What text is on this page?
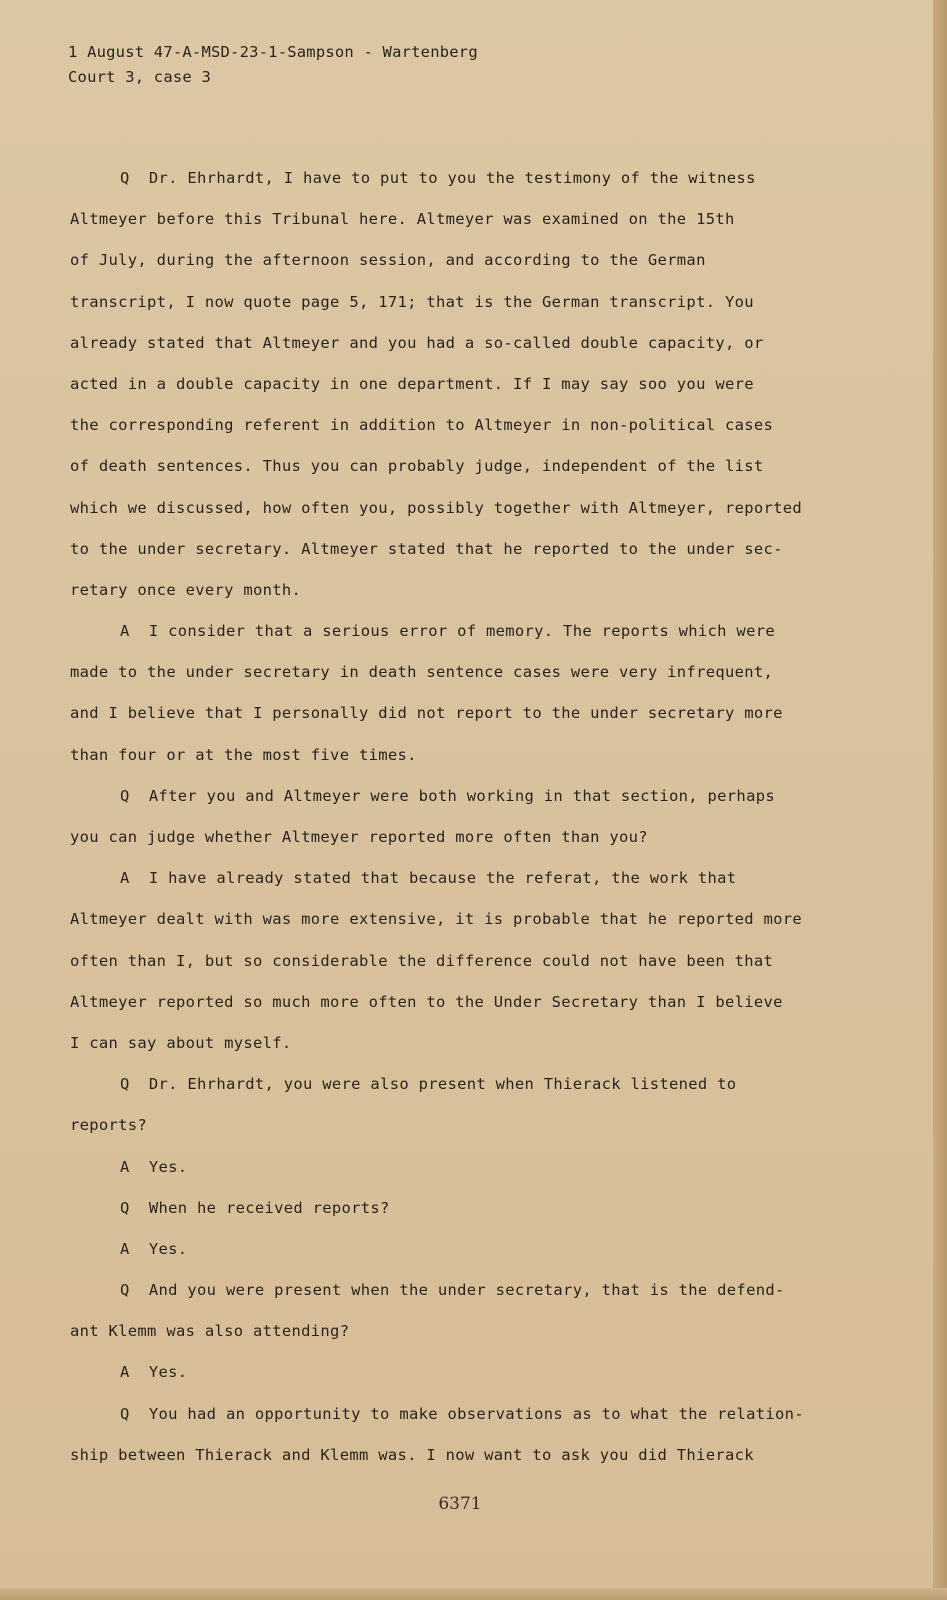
1 August 47-A-MSD-23-1-Sampson - Wartenberg
Court 3, case 3
Q  Dr. Ehrhardt, I have to put to you the testimony of the witness
Altmeyer before this Tribunal here. Altmeyer was examined on the 15th
of July, during the afternoon session, and according to the German
transcript, I now quote page 5, 171; that is the German transcript. You
already stated that Altmeyer and you had a so-called double capacity, or
acted in a double capacity in one department. If I may say soo you were
the corresponding referent in addition to Altmeyer in non-political cases
of death sentences. Thus you can probably judge, independent of the list
which we discussed, how often you, possibly together with Altmeyer, reported
to the under secretary. Altmeyer stated that he reported to the under sec-
retary once every month.
A  I consider that a serious error of memory. The reports which were
made to the under secretary in death sentence cases were very infrequent,
and I believe that I personally did not report to the under secretary more
than four or at the most five times.
Q  After you and Altmeyer were both working in that section, perhaps
you can judge whether Altmeyer reported more often than you?
A  I have already stated that because the referat, the work that
Altmeyer dealt with was more extensive, it is probable that he reported more
often than I, but so considerable the difference could not have been that
Altmeyer reported so much more often to the Under Secretary than I believe
I can say about myself.
Q  Dr. Ehrhardt, you were also present when Thierack listened to
reports?
A  Yes.
Q  When he received reports?
A  Yes.
Q  And you were present when the under secretary, that is the defend-
ant Klemm was also attending?
A  Yes.
Q  You had an opportunity to make observations as to what the relation-
ship between Thierack and Klemm was. I now want to ask you did Thierack
6371
